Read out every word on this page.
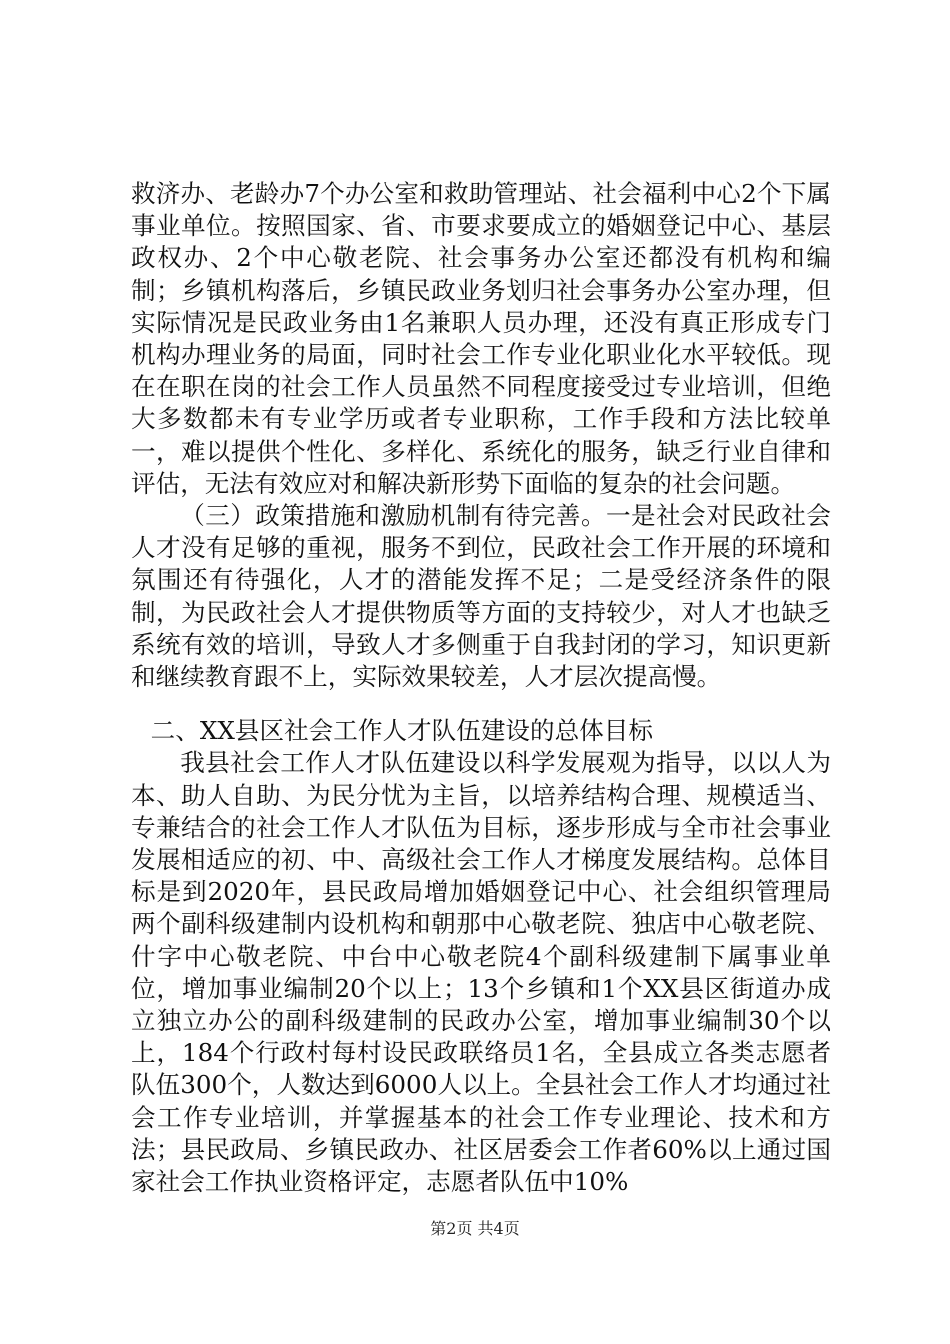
救济办、老龄办7个办公室和救助管理站、社会福利中心2个下属事业单位。按照国家、省、市要求要成立的婚姻登记中心、基层政权办、2个中心敬老院、社会事务办公室还都没有机构和编制；乡镇机构落后，乡镇民政业务划归社会事务办公室办理，但实际情况是民政业务由1名兼职人员办理，还没有真正形成专门机构办理业务的局面，同时社会工作专业化职业化水平较低。现在在职在岗的社会工作人员虽然不同程度接受过专业培训，但绝大多数都未有专业学历或者专业职称，工作手段和方法比较单一，难以提供个性化、多样化、系统化的服务，缺乏行业自律和评估，无法有效应对和解决新形势下面临的复杂的社会问题。

（三）政策措施和激励机制有待完善。一是社会对民政社会人才没有足够的重视，服务不到位，民政社会工作开展的环境和氛围还有待强化，人才的潜能发挥不足；二是受经济条件的限制，为民政社会人才提供物质等方面的支持较少，对人才也缺乏系统有效的培训，导致人才多侧重于自我封闭的学习，知识更新和继续教育跟不上，实际效果较差，人才层次提高慢。

二、XX县区社会工作人才队伍建设的总体目标

我县社会工作人才队伍建设以科学发展观为指导，以以人为本、助人自助、为民分忧为主旨，以培养结构合理、规模适当、专兼结合的社会工作人才队伍为目标，逐步形成与全市社会事业发展相适应的初、中、高级社会工作人才梯度发展结构。总体目标是到2020年，县民政局增加婚姻登记中心、社会组织管理局两个副科级建制内设机构和朝那中心敬老院、独店中心敬老院、什字中心敬老院、中台中心敬老院4个副科级建制下属事业单位，增加事业编制20个以上；13个乡镇和1个XX县区街道办成立独立办公的副科级建制的民政办公室，增加事业编制30个以上，184个行政村每村设民政联络员1名，全县成立各类志愿者队伍300个，人数达到6000人以上。全县社会工作人才均通过社会工作专业培训，并掌握基本的社会工作专业理论、技术和方法；县民政局、乡镇民政办、社区居委会工作者60%以上通过国家社会工作执业资格评定，志愿者队伍中10%

第2页 共4页
